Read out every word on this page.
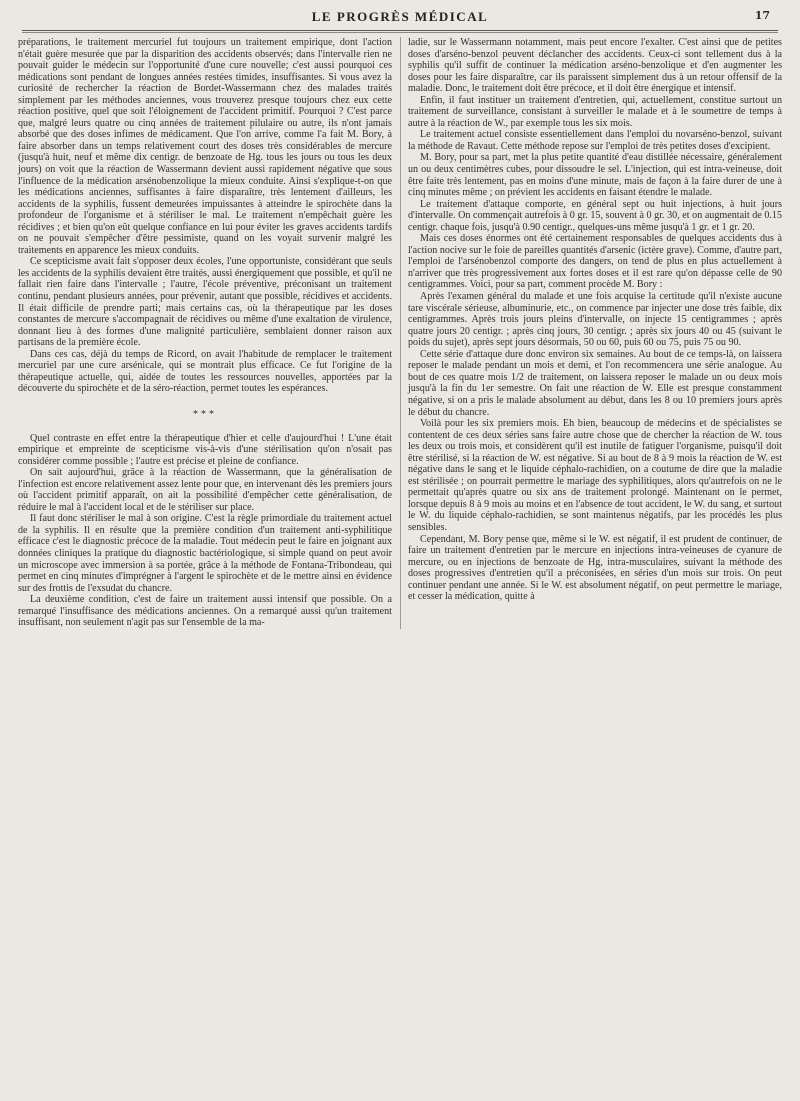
LE PROGRÈS MÉDICAL	17

préparations, le traitement mercuriel fut toujours un traitement empirique, dont l'action n'était guère mesurée que par la disparition des accidents observés; dans l'intervalle rien ne pouvait guider le médecin sur l'opportunité d'une cure nouvelle; c'est aussi pourquoi ces médications sont pendant de longues années restées timides, insuffisantes. Si vous avez la curiosité de rechercher la réaction de Bordet-Wassermann chez des malades traités simplement par les méthodes anciennes, vous trouverez presque toujours chez eux cette réaction positive, quel que soit l'éloignement de l'accident primitif. Pourquoi ? C'est parce que, malgré leurs quatre ou cinq années de traitement pilulaire ou autre, ils n'ont jamais absorbé que des doses infimes de médicament. Que l'on arrive, comme l'a fait M. Bory, à faire absorber dans un temps relativement court des doses très considérables de mercure (jusqu'à huit, neuf et même dix centigr. de benzoate de Hg. tous les jours ou tous les deux jours) on voit que la réaction de Wassermann devient aussi rapidement négative que sous l'influence de la médication arsénobenzolique la mieux conduite. Ainsi s'explique-t-on que les médications anciennes, suffisantes à faire disparaître, très lentement d'ailleurs, les accidents de la syphilis, fussent demeurées impuissantes à atteindre le spirochète dans la profondeur de l'organisme et à stériliser le mal. Le traitement n'empêchait guère les récidives ; et bien qu'on eût quelque confiance en lui pour éviter les graves accidents tardifs on ne pouvait s'empêcher d'être pessimiste, quand on les voyait survenir malgré les traitements en apparence les mieux conduits.

Ce scepticisme avait fait s'opposer deux écoles, l'une opportuniste, considérant que seuls les accidents de la syphilis devaient être traités, aussi énergiquement que possible, et qu'il ne fallait rien faire dans l'intervalle ; l'autre, l'école préventive, préconisant un traitement continu, pendant plusieurs années, pour prévenir, autant que possible, récidives et accidents. Il était difficile de prendre parti; mais certains cas, où la thérapeutique par les doses constantes de mercure s'accompagnait de récidives ou même d'une exaltation de virulence, donnant lieu à des formes d'une malignité particulière, semblaient donner raison aux partisans de la première école.

Dans ces cas, déjà du temps de Ricord, on avait l'habitude de remplacer le traitement mercuriel par une cure arsénicale, qui se montrait plus efficace. Ce fut l'origine de la thérapeutique actuelle, qui, aidée de toutes les ressources nouvelles, apportées par la découverte du spirochète et de la séro-réaction, permet toutes les espérances.

***

Quel contraste en effet entre la thérapeutique d'hier et celle d'aujourd'hui ! L'une était empirique et empreinte de scepticisme vis-à-vis d'une stérilisation qu'on n'osait pas considérer comme possible ; l'autre est précise et pleine de confiance.

On sait aujourd'hui, grâce à la réaction de Wassermann, que la généralisation de l'infection est encore relativement assez lente pour que, en intervenant dès les premiers jours où l'accident primitif apparaît, on ait la possibilité d'empêcher cette généralisation, de réduire le mal à l'accident local et de le stériliser sur place.

Il faut donc stériliser le mal à son origine. C'est la règle primordiale du traitement actuel de la syphilis. Il en résulte que la première condition d'un traitement anti-syphilitique efficace c'est le diagnostic précoce de la maladie. Tout médecin peut le faire en joignant aux données cliniques la pratique du diagnostic bactériologique, si simple quand on peut avoir un microscope avec immersion à sa portée, grâce à la méthode de Fontana-Tribondeau, qui permet en cinq minutes d'imprégner à l'argent le spirochète et de le mettre ainsi en évidence sur des frottis de l'exsudat du chancre.

La deuxième condition, c'est de faire un traitement aussi intensif que possible. On a remarqué l'insuffisance des médications anciennes. On a remarqué aussi qu'un traitement insuffisant, non seulement n'agit pas sur l'ensemble de la ma-

ladie, sur le Wassermann notamment, mais peut encore l'exalter. C'est ainsi que de petites doses d'arséno-benzol peuvent déclancher des accidents. Ceux-ci sont tellement dus à la syphilis qu'il suffit de continuer la médication arséno-benzolique et d'en augmenter les doses pour les faire disparaître, car ils paraissent simplement dus à un retour offensif de la maladie. Donc, le traitement doit être précoce, et il doit être énergique et intensif.

Enfin, il faut instituer un traitement d'entretien, qui, actuellement, constitue surtout un traitement de surveillance, consistant à surveiller le malade et à le soumettre de temps à autre à la réaction de W., par exemple tous les six mois.

Le traitement actuel consiste essentiellement dans l'emploi du novarséno-benzol, suivant la méthode de Ravaut. Cette méthode repose sur l'emploi de très petites doses d'excipient.

M. Bory, pour sa part, met la plus petite quantité d'eau distillée nécessaire, généralement un ou deux centimètres cubes, pour dissoudre le sel. L'injection, qui est intra-veineuse, doit être faite très lentement, pas en moins d'une minute, mais de façon à la faire durer de une à cinq minutes même ; on prévient les accidents en faisant étendre le malade.

Le traitement d'attaque comporte, en général sept ou huit injections, à huit jours d'intervalle. On commençait autrefois à 0 gr. 15, souvent à 0 gr. 30, et on augmentait de 0.15 centigr. chaque fois, jusqu'à 0.90 centigr., quelques-uns même jusqu'à 1 gr. et 1 gr. 20.

Mais ces doses énormes ont été certainement responsables de quelques accidents dus à l'action nocive sur le foie de pareilles quantités d'arsenic (ictère grave). Comme, d'autre part, l'emploi de l'arsénobenzol comporte des dangers, on tend de plus en plus actuellement à n'arriver que très progressivement aux fortes doses et il est rare qu'on dépasse celle de 90 centigrammes. Voici, pour sa part, comment procède M. Bory :

Après l'examen général du malade et une fois acquise la certitude qu'il n'existe aucune tare viscérale sérieuse, albuminurie, etc., on commence par injecter une dose très faible, dix centigrammes. Après trois jours pleins d'intervalle, on injecte 15 centigrammes ; après quatre jours 20 centigr. ; après cinq jours, 30 centigr. ; après six jours 40 ou 45 (suivant le poids du sujet), après sept jours désormais, 50 ou 60, puis 60 ou 75, puis 75 ou 90.

Cette série d'attaque dure donc environ six semaines. Au bout de ce temps-là, on laissera reposer le malade pendant un mois et demi, et l'on recommencera une série analogue. Au bout de ces quatre mois 1/2 de traitement, on laissera reposer le malade un ou deux mois jusqu'à la fin du 1er semestre. On fait une réaction de W. Elle est presque constamment négative, si on a pris le malade absolument au début, dans les 8 ou 10 premiers jours après le début du chancre.

Voilà pour les six premiers mois. Eh bien, beaucoup de médecins et de spécialistes se contentent de ces deux séries sans faire autre chose que de chercher la réaction de W. tous les deux ou trois mois, et considèrent qu'il est inutile de fatiguer l'organisme, puisqu'il doit être stérilisé, si la réaction de W. est négative. Si au bout de 8 à 9 mois la réaction de W. est négative dans le sang et le liquide céphalo-rachidien, on a coutume de dire que la maladie est stérilisée ; on pourrait permettre le mariage des syphilitiques, alors qu'autrefois on ne le permettait qu'après quatre ou six ans de traitement prolongé. Maintenant on le permet, lorsque depuis 8 à 9 mois au moins et en l'absence de tout accident, le W. du sang, et surtout le W. du liquide céphalo-rachidien, se sont maintenus négatifs, par les procédés les plus sensibles.

Cependant, M. Bory pense que, même si le W. est négatif, il est prudent de continuer, de faire un traitement d'entretien par le mercure en injections intra-veineuses de cyanure de mercure, ou en injections de benzoate de Hg, intra-musculaires, suivant la méthode des doses progressives d'entretien qu'il a préconisées, en séries d'un mois sur trois. On peut continuer pendant une année. Si le W. est absolument négatif, on peut permettre le mariage, et cesser la médication, quitte à
